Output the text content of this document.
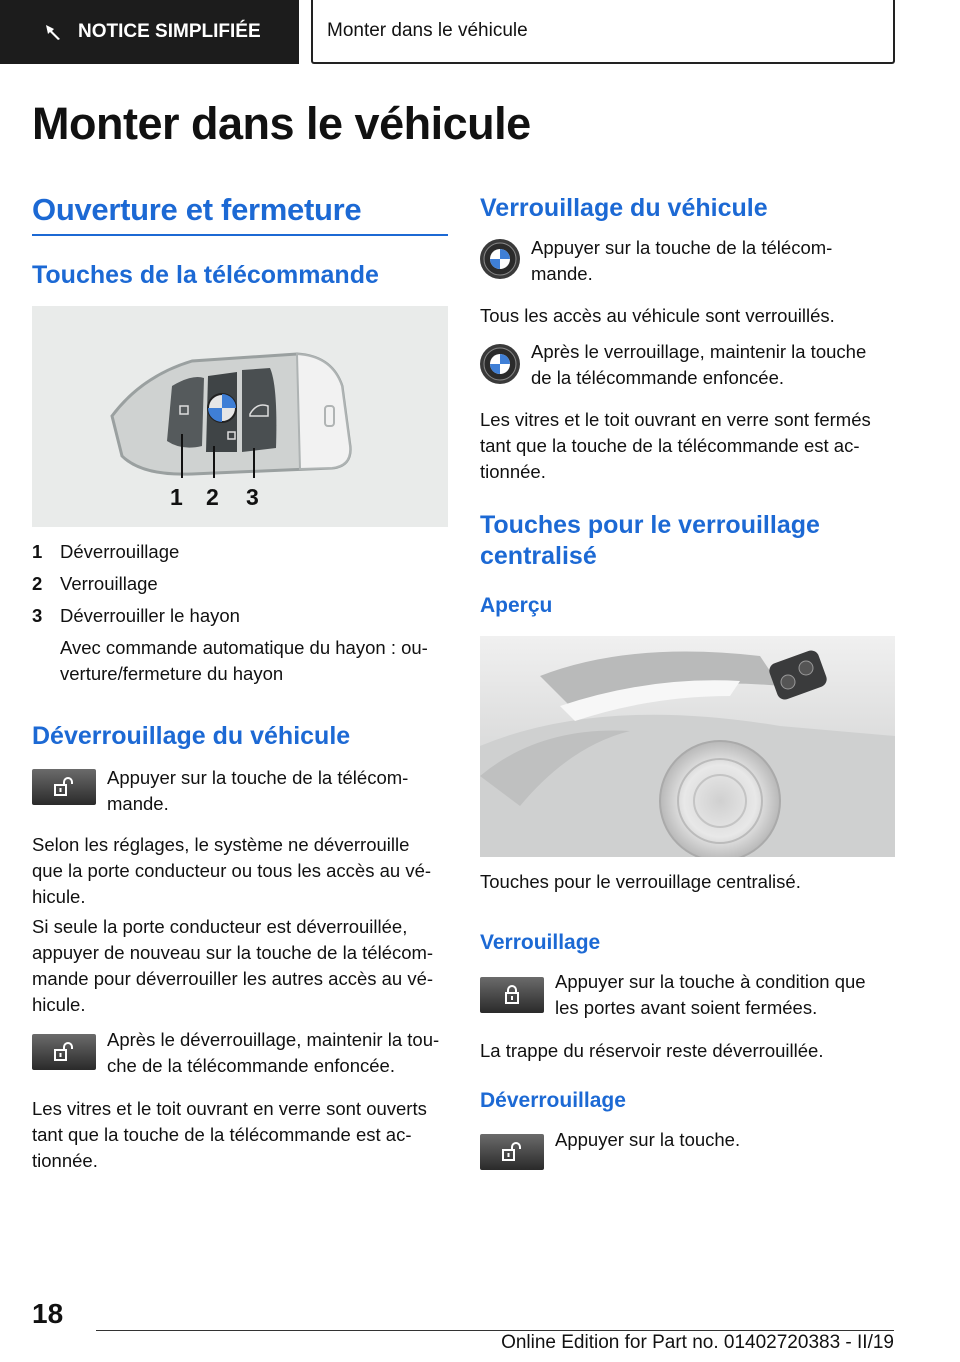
NOTICE SIMPLIFIÉE	Monter dans le véhicule
Monter dans le véhicule
Ouverture et fermeture
Touches de la télécommande
1 2 3
1 Déverrouillage
2 Verrouillage
3 Déverrouiller le hayon
Avec commande automatique du hayon : ou‐
verture/fermeture du hayon
Déverrouillage du véhicule
Appuyer sur la touche de la télécom‐
mande.
Selon les réglages, le système ne déverrouille
que la porte conducteur ou tous les accès au vé‐
hicule.
Si seule la porte conducteur est déverrouillée,
appuyer de nouveau sur la touche de la télécom‐
mande pour déverrouiller les autres accès au vé‐
hicule.
Après le déverrouillage, maintenir la tou‐
che de la télécommande enfoncée.
Les vitres et le toit ouvrant en verre sont ouverts
tant que la touche de la télécommande est ac‐
tionnée.
Verrouillage du véhicule
Appuyer sur la touche de la télécom‐
mande.
Tous les accès au véhicule sont verrouillés.
Après le verrouillage, maintenir la touche
de la télécommande enfoncée.
Les vitres et le toit ouvrant en verre sont fermés
tant que la touche de la télécommande est ac‐
tionnée.
Touches pour le verrouillage
centralisé
Aperçu
Touches pour le verrouillage centralisé.
Verrouillage
Appuyer sur la touche à condition que
les portes avant soient fermées.
La trappe du réservoir reste déverrouillée.
Déverrouillage
Appuyer sur la touche.
18
Online Edition for Part no. 01402720383 - II/19
